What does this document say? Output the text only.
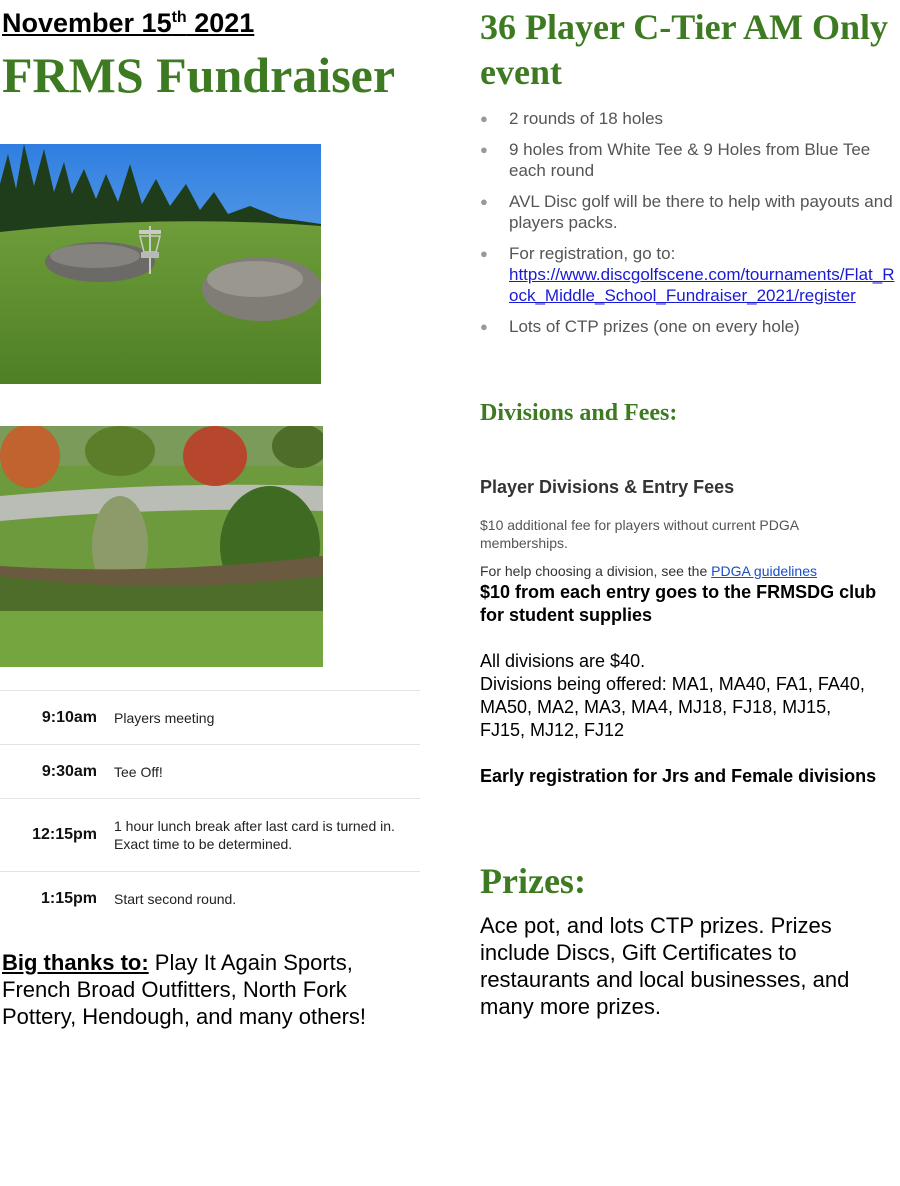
November 15th 2021
FRMS Fundraiser
9:10am	Players meeting
9:30am	Tee Off!
12:15pm	1 hour lunch break after last card is turned in. Exact time to be determined.
1:15pm	Start second round.

Big thanks to: Play It Again Sports, French Broad Outfitters, North Fork Pottery, Hendough, and many others!

36 Player C-Tier AM Only event
● 2 rounds of 18 holes
● 9 holes from White Tee & 9 Holes from Blue Tee each round
● AVL Disc golf will be there to help with payouts and players packs.
● For registration, go to:
https://www.discgolfscene.com/tournaments/Flat_Rock_Middle_School_Fundraiser_2021/register
● Lots of CTP prizes (one on every hole)
Divisions and Fees:
Player Divisions & Entry Fees

$10 additional fee for players without current PDGA memberships.

For help choosing a division, see the PDGA guidelines

$10 from each entry goes to the FRMSDG club for student supplies

All divisions are $40.
Divisions being offered: MA1, MA40, FA1, FA40, MA50, MA2, MA3, MA4, MJ18, FJ18, MJ15, FJ15, MJ12, FJ12

Early registration for Jrs and Female divisions

Prizes:

Ace pot, and lots CTP prizes. Prizes include Discs, Gift Certificates to restaurants and local businesses, and many more prizes.
